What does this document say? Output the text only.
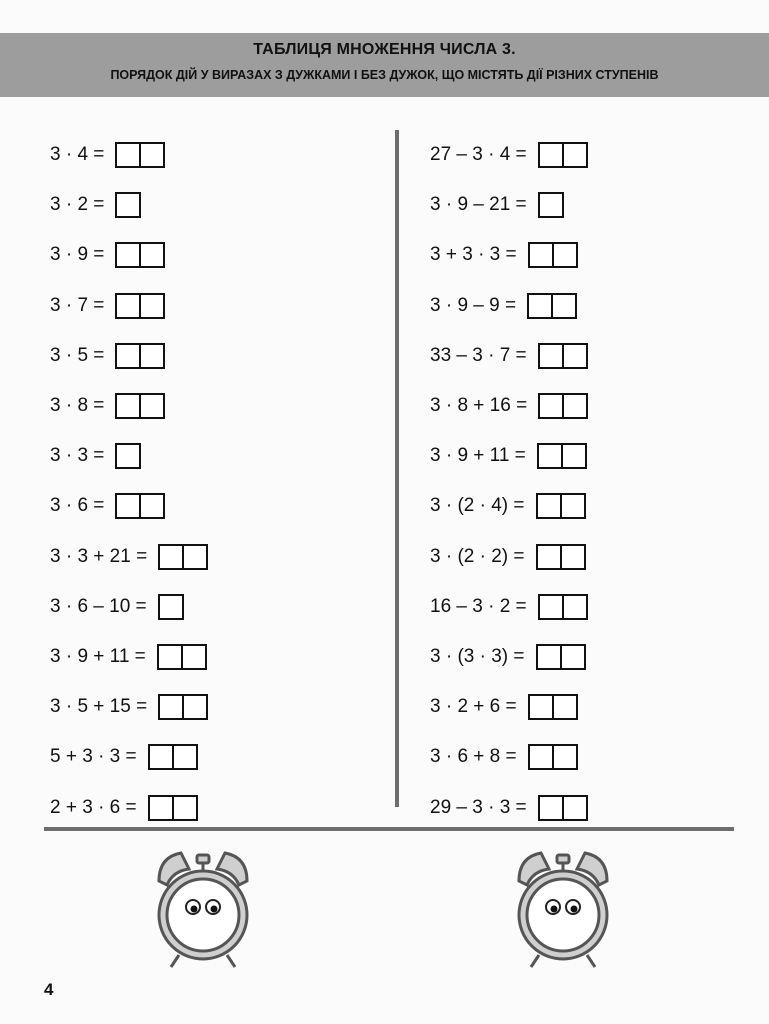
ТАБЛИЦЯ МНОЖЕННЯ ЧИСЛА 3.
ПОРЯДОК ДІЙ У ВИРАЗАХ З ДУЖКАМИ І БЕЗ ДУЖОК, ЩО МІСТЯТЬ ДІЇ РІЗНИХ СТУПЕНІВ
3 · 4 =
3 · 2 =
3 · 9 =
3 · 7 =
3 · 5 =
3 · 8 =
3 · 3 =
3 · 6 =
3 · 3 + 21 =
3 · 6 – 10 =
3 · 9 + 11 =
3 · 5 + 15 =
5 + 3 · 3 =
2 + 3 · 6 =
27 – 3 · 4 =
3 · 9 – 21 =
3 + 3 · 3 =
3 · 9 – 9 =
33 – 3 · 7 =
3 · 8 + 16 =
3 · 9 + 11 =
3 · (2 · 4) =
3 · (2 · 2) =
16 – 3 · 2 =
3 · (3 · 3) =
3 · 2 + 6 =
3 · 6 + 8 =
29 – 3 · 3 =
4
